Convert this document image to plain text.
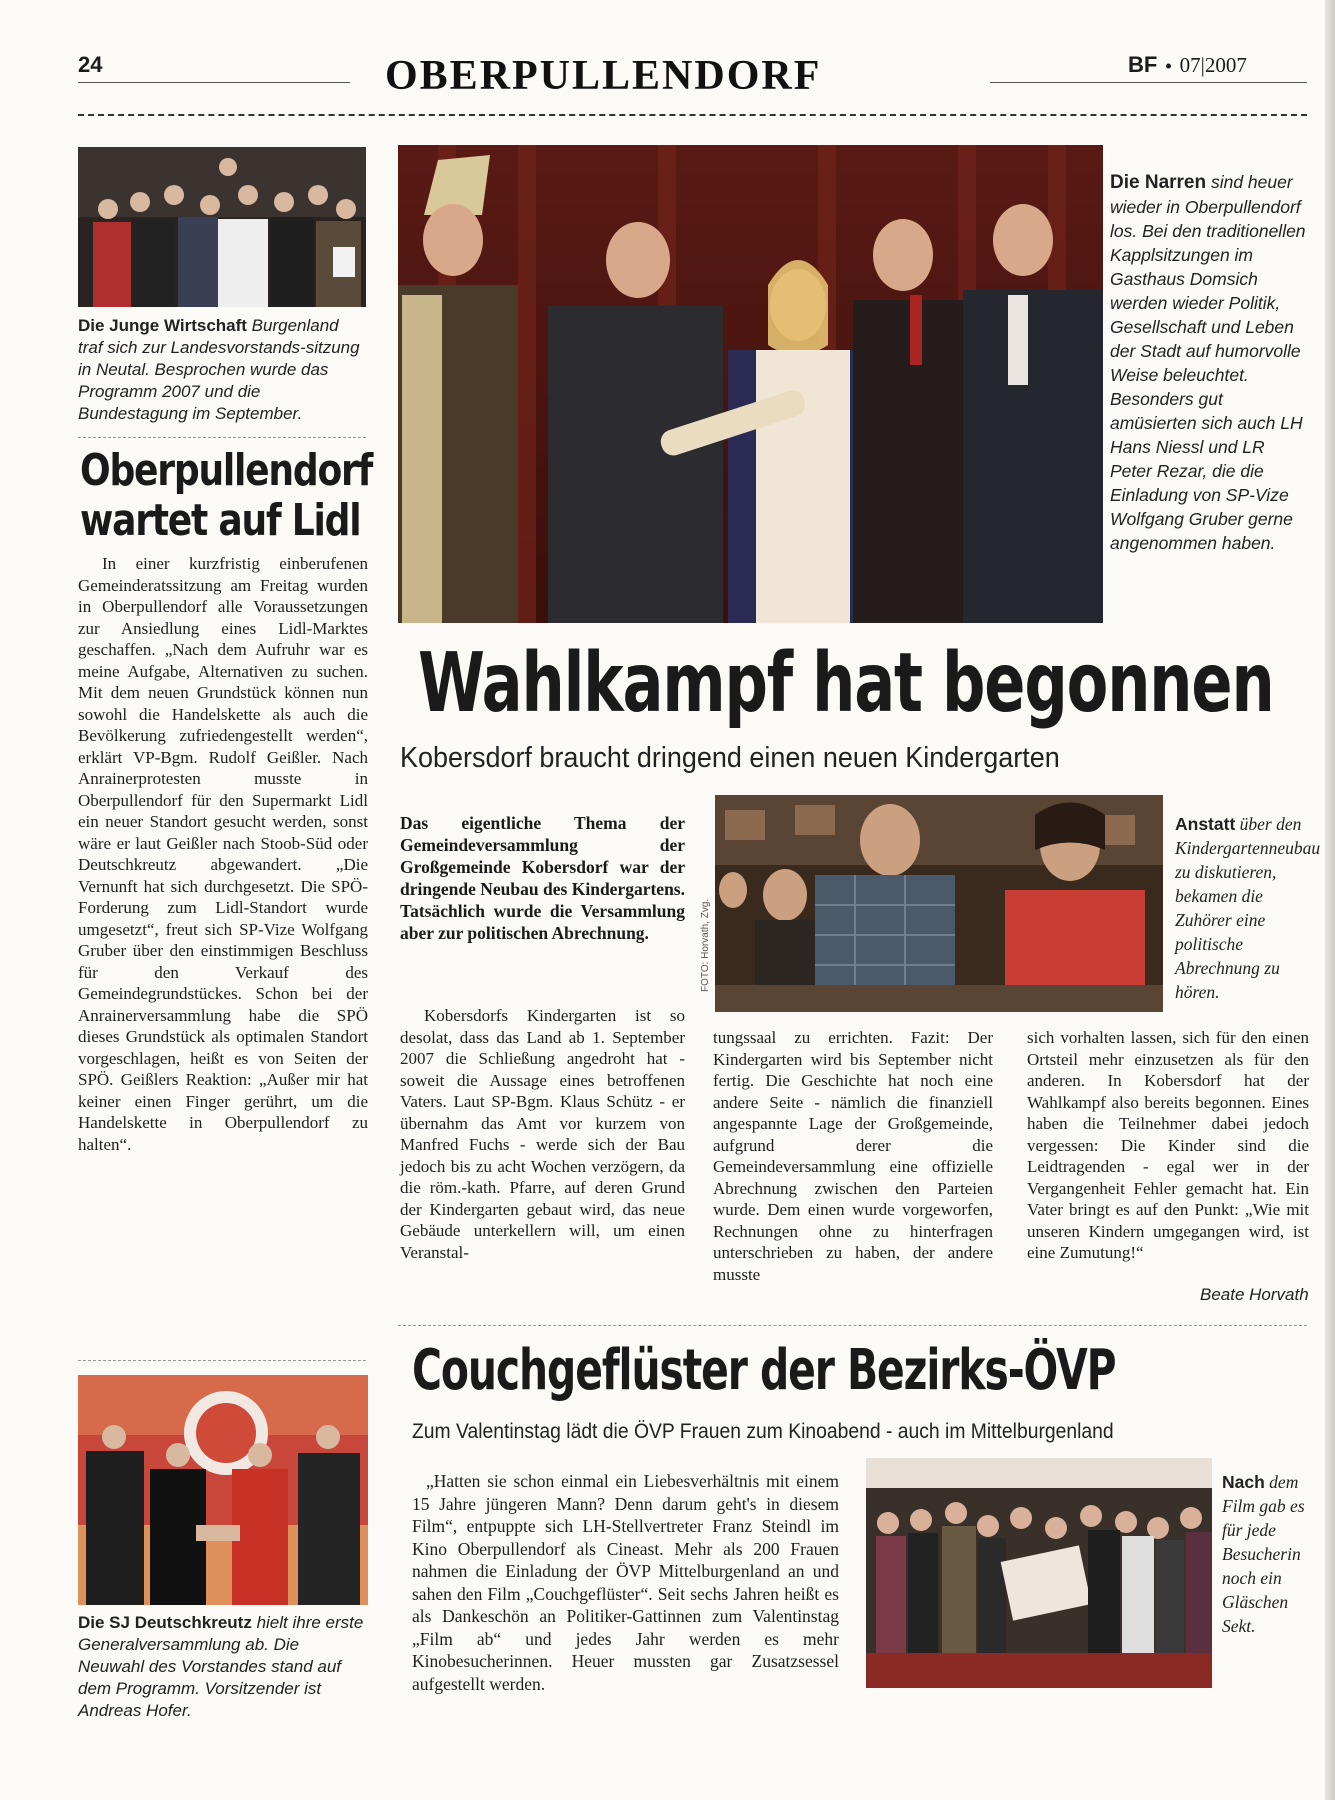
24	OBERPULLENDORF	BF • 07|2007
Die Junge Wirtschaft Burgenland traf sich zur Landesvorstands-sitzung in Neutal. Besprochen wurde das Programm 2007 und die Bundestagung im September.
Oberpullendorf
wartet auf Lidl

In einer kurzfristig einberufenen Gemeinderatssitzung am Freitag wurden in Oberpullendorf alle Voraussetzungen zur Ansiedlung eines Lidl-Marktes geschaffen. „Nach dem Aufruhr war es meine Aufgabe, Alternativen zu suchen. Mit dem neuen Grundstück können nun sowohl die Handelskette als auch die Bevölkerung zufriedengestellt werden“, erklärt VP-Bgm. Rudolf Geißler. Nach Anrainerprotesten musste in Oberpullendorf für den Supermarkt Lidl ein neuer Standort gesucht werden, sonst wäre er laut Geißler nach Stoob-Süd oder Deutschkreutz abgewandert. „Die Vernunft hat sich durchgesetzt. Die SPÖ-Forderung zum Lidl-Standort wurde umgesetzt“, freut sich SP-Vize Wolfgang Gruber über den einstimmigen Beschluss für den Verkauf des Gemeindegrundstückes. Schon bei der Anrainerversammlung habe die SPÖ dieses Grundstück als optimalen Standort vorgeschlagen, heißt es von Seiten der SPÖ. Geißlers Reaktion: „Außer mir hat keiner einen Finger gerührt, um die Handelskette in Oberpullendorf zu halten“.

Die SJ Deutschkreutz hielt ihre erste Generalversammlung ab. Die Neuwahl des Vorstandes stand auf dem Programm. Vorsitzender ist Andreas Hofer.
Die Narren sind heuer wieder in Oberpullendorf los. Bei den traditionellen Kapplsitzungen im Gasthaus Domsich werden wieder Politik, Gesellschaft und Leben der Stadt auf humorvolle Weise beleuchtet. Besonders gut amüsierten sich auch LH Hans Niessl und LR Peter Rezar, die die Einladung von SP-Vize Wolfgang Gruber gerne angenommen haben.
Wahlkampf hat begonnen
Kobersdorf braucht dringend einen neuen Kindergarten
Das eigentliche Thema der Gemeindeversammlung der Großgemeinde Kobersdorf war der dringende Neubau des Kindergartens. Tatsächlich wurde die Versammlung aber zur politischen Abrechnung.	FOTO: Horvath, Zvg.
Anstatt über den Kindergartenneubau zu diskutieren, bekamen die Zuhörer eine politische Abrechnung zu hören.

Kobersdorfs Kindergarten ist so desolat, dass das Land ab 1. September 2007 die Schließung angedroht hat - soweit die Aussage eines betroffenen Vaters. Laut SP-Bgm. Klaus Schütz - er übernahm das Amt vor kurzem von Manfred Fuchs - werde sich der Bau jedoch bis zu acht Wochen verzögern, da die röm.-kath. Pfarre, auf deren Grund der Kindergarten gebaut wird, das neue Gebäude unterkellern will, um einen Veranstal-

tungssaal zu errichten. Fazit: Der Kindergarten wird bis September nicht fertig. Die Geschichte hat noch eine andere Seite - nämlich die finanziell angespannte Lage der Großgemeinde, aufgrund derer die Gemeindeversammlung eine offizielle Abrechnung zwischen den Parteien wurde. Dem einen wurde vorgeworfen, Rechnungen ohne zu hinterfragen unterschrieben zu haben, der andere musste

sich vorhalten lassen, sich für den einen Ortsteil mehr einzusetzen als für den anderen. In Kobersdorf hat der Wahlkampf also bereits begonnen. Eines haben die Teilnehmer dabei jedoch vergessen: Die Kinder sind die Leidtragenden - egal wer in der Vergangenheit Fehler gemacht hat. Ein Vater bringt es auf den Punkt: „Wie mit unseren Kindern umgegangen wird, ist eine Zumutung!“

Beate Horvath
Couchgeflüster der Bezirks-ÖVP
Zum Valentinstag lädt die ÖVP Frauen zum Kinoabend - auch im Mittelburgenland

„Hatten sie schon einmal ein Liebesverhältnis mit einem 15 Jahre jüngeren Mann? Denn darum geht's in diesem Film“, entpuppte sich LH-Stellvertreter Franz Steindl im Kino Oberpullendorf als Cineast. Mehr als 200 Frauen nahmen die Einladung der ÖVP Mittelburgenland an und sahen den Film „Couchgeflüster“. Seit sechs Jahren heißt es als Dankeschön an Politiker-Gattinnen zum Valentinstag „Film ab“ und jedes Jahr werden es mehr Kinobesucherinnen. Heuer mussten gar Zusatzsessel aufgestellt werden.

Nach dem Film gab es für jede Besucherin noch ein Gläschen Sekt.
